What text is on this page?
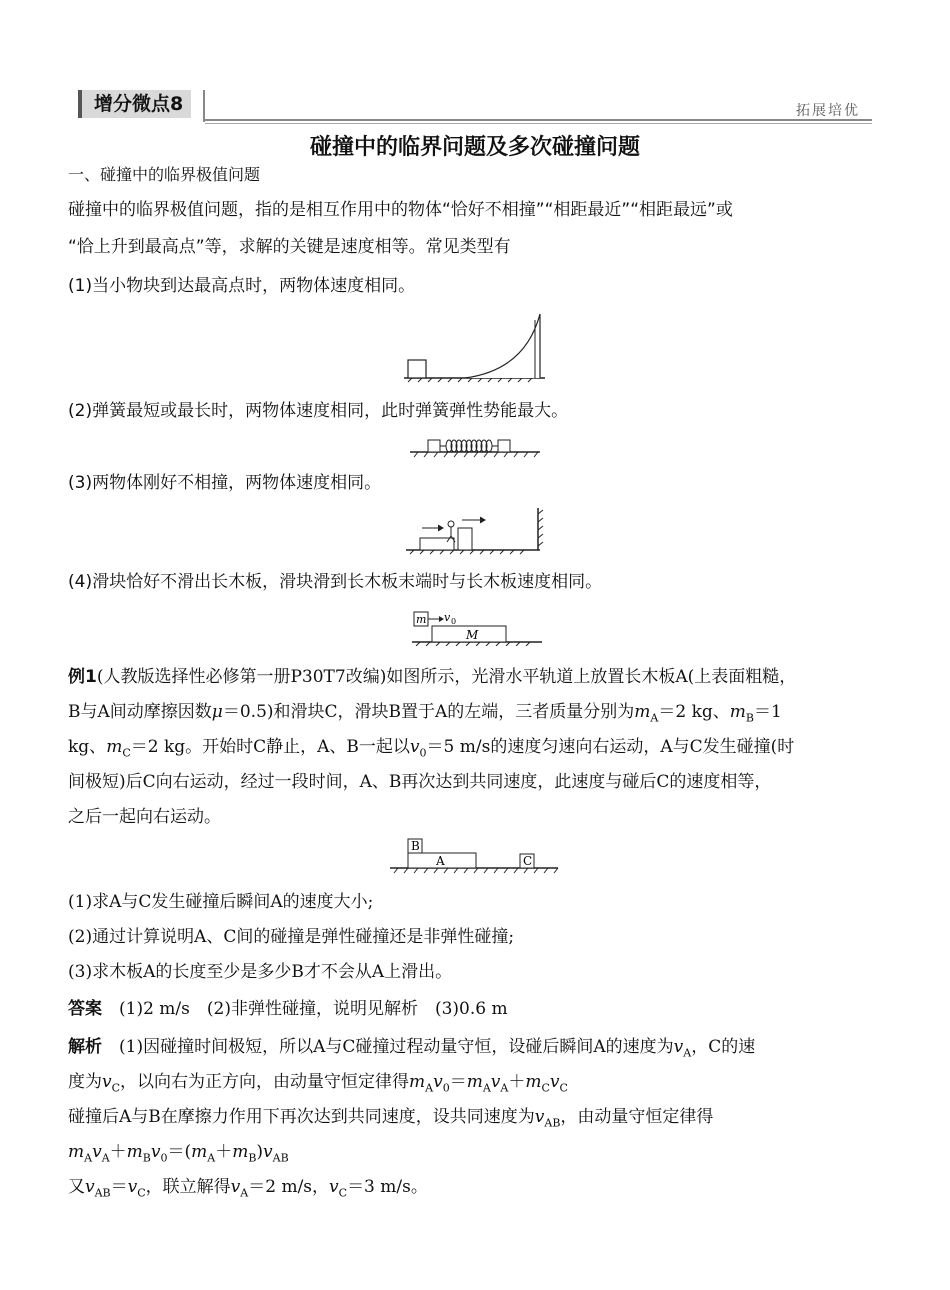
增分微点8	拓展培优
碰撞中的临界问题及多次碰撞问题
一、碰撞中的临界极值问题
碰撞中的临界极值问题，指的是相互作用中的物体“恰好不相撞”“相距最近”“相距最远”或
“恰上升到最高点”等，求解的关键是速度相等。常见类型有
(1)当小物块到达最高点时，两物体速度相同。
(2)弹簧最短或最长时，两物体速度相同，此时弹簧弹性势能最大。
(3)两物体刚好不相撞，两物体速度相同。
(4)滑块恰好不滑出长木板，滑块滑到长木板末端时与长木板速度相同。
m v 0
M
例1(人教版选择性必修第一册P30T7改编)如图所示，光滑水平轨道上放置长木板A(上表面粗糙，
B与A间动摩擦因数μ＝0.5)和滑块C，滑块B置于A的左端，三者质量分别为$m_A=2$ kg、$m_B=1$
kg、$m_C=2$ kg。开始时C静止，A、B一起以$v_0=5$ m/s的速度匀速向右运动，A与C发生碰撞(时
间极短)后C向右运动，经过一段时间，A、B再次达到共同速度，此速度与碰后C的速度相等，
之后一起向右运动。
B
A	C
(1)求A与C发生碰撞后瞬间A的速度大小;
(2)通过计算说明A、C间的碰撞是弹性碰撞还是非弹性碰撞;
(3)求木板A的长度至少是多少B才不会从A上滑出。
答案　 (1)2 m/s　(2)非弹性碰撞，说明见解析　(3)0.6 m
解析　 (1)因碰撞时间极短，所以A与C碰撞过程动量守恒，设碰后瞬间A的速度为$v_A$，C的速
度为$v_C$，以向右为正方向，由动量守恒定律得$m_Av_0=m_Av_A+m_Cv_C$
碰撞后A与B在摩擦力作用下再次达到共同速度，设共同速度为$v_{AB}$，由动量守恒定律得
$m_Av_A+m_Bv_0=(m_A+m_B)v_{AB}$
又$v_{AB}=v_C$，联立解得$v_A=2$ m/s，$v_C=3$ m/s。
